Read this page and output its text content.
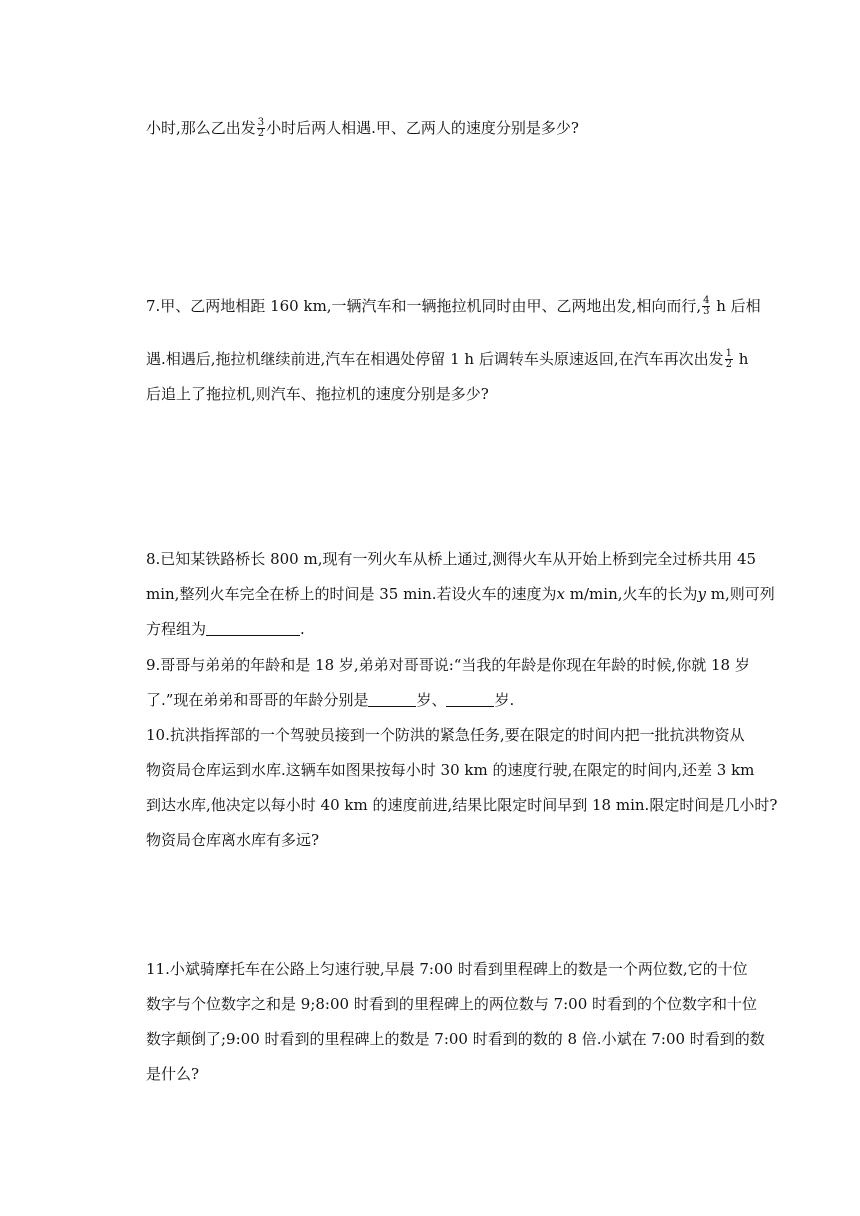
小时,那么乙出发 $\frac{3}{2}$ 小时后两人相遇.甲、乙两人的速度分别是多少?
7.甲、乙两地相距 160 km,一辆汽车和一辆拖拉机同时由甲、乙两地出发,相向而行, $\frac{4}{3}$ h 后相
遇.相遇后,拖拉机继续前进,汽车在相遇处停留 1 h 后调转车头原速返回,在汽车再次出发 $\frac{1}{2}$ h
后追上了拖拉机,则汽车、拖拉机的速度分别是多少?
8.已知某铁路桥长 800 m,现有一列火车从桥上通过,测得火车从开始上桥到完全过桥共用 45
min,整列火车完全在桥上的时间是 35 min.若设火车的速度为x m/min,火车的长为y m,则可列
方程组为	.
9.哥哥与弟弟的年龄和是 18 岁,弟弟对哥哥说:“当我的年龄是你现在年龄的时候,你就 18 岁
了.”现在弟弟和哥哥的年龄分别是	岁、	岁.
10.抗洪指挥部的一个驾驶员接到一个防洪的紧急任务,要在限定的时间内把一批抗洪物资从
物资局仓库运到水库.这辆车如图果按每小时 30 km 的速度行驶,在限定的时间内,还差 3 km
到达水库,他决定以每小时 40 km 的速度前进,结果比限定时间早到 18 min.限定时间是几小时?
物资局仓库离水库有多远?
11.小斌骑摩托车在公路上匀速行驶,早晨 7:00 时看到里程碑上的数是一个两位数,它的十位
数字与个位数字之和是 9;8:00 时看到的里程碑上的两位数与 7:00 时看到的个位数字和十位
数字颠倒了;9:00 时看到的里程碑上的数是 7:00 时看到的数的 8 倍.小斌在 7:00 时看到的数
是什么?
